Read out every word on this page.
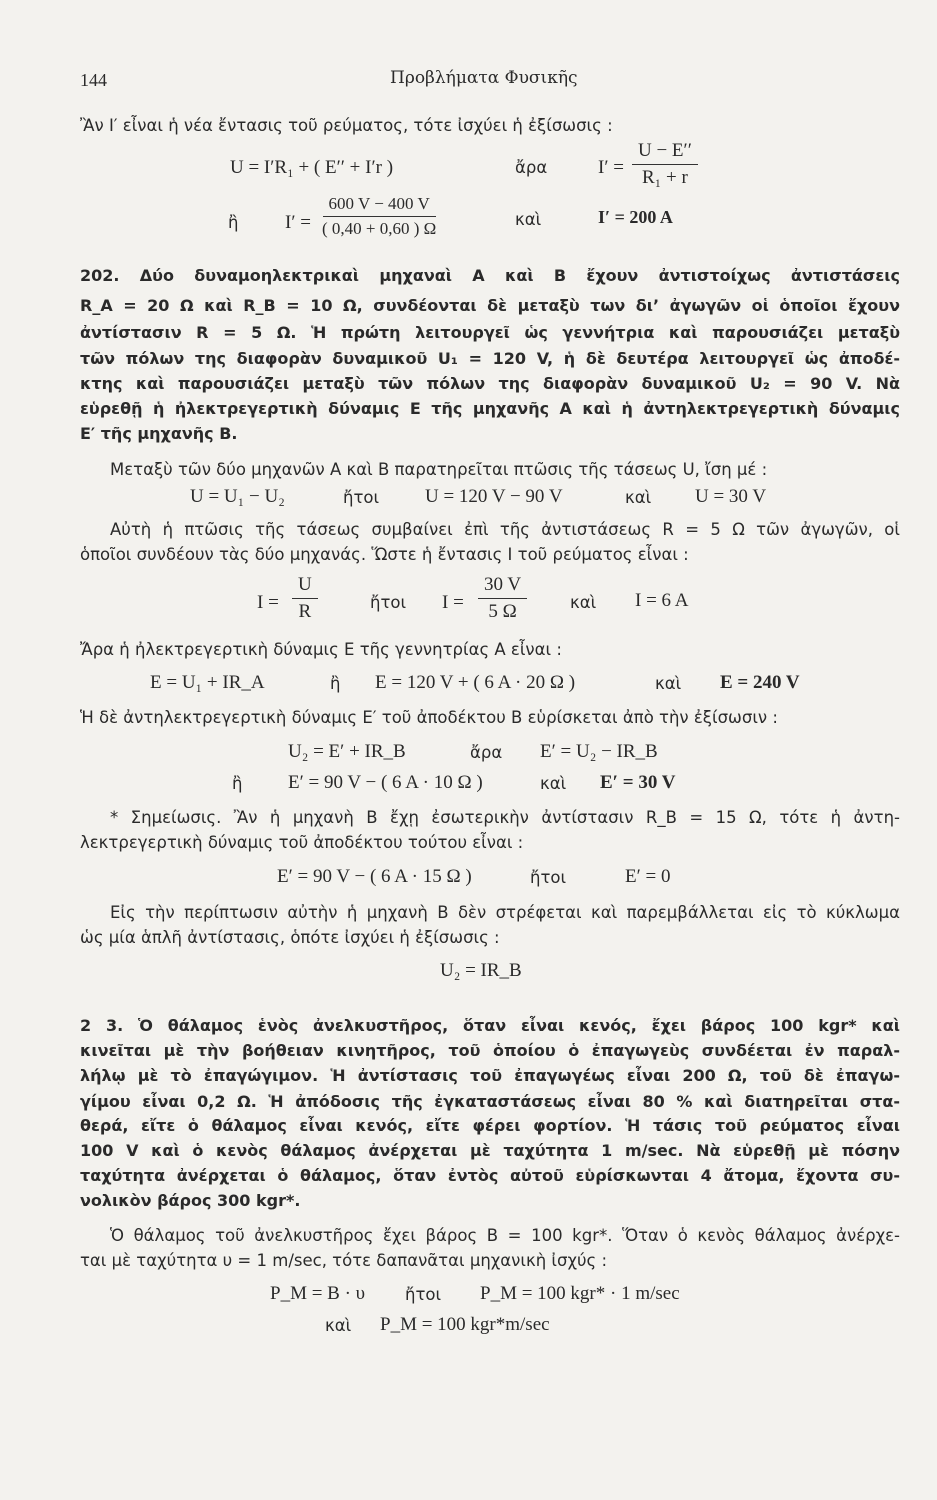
144	Προβλήματα Φυσικῆς
Ἂν I′ εἶναι ἡ νέα ἔντασις τοῦ ρεύματος, τότε ἰσχύει ἡ ἐξίσωσις :
U = I′R₁ + ( E′′ + I′r )	ἄρα	$I' = \frac{U - E''}{\text{R₁ + r}}$
ἢ $I' = \frac{600 V - 400 V}{( 0,40 + 0,60 ) \Omega}$	καὶ	I′ = 200 A
202. Δύο δυναμοηλεκτρικαὶ μηχαναὶ A καὶ B ἔχουν ἀντιστοίχως ἀντιστάσεις
R_A = 20 Ω καὶ R_B = 10 Ω, συνδέονται δὲ μεταξὺ των δι’ ἀγωγῶν οἱ ὁποῖοι ἔχουν
ἀντίστασιν R = 5 Ω. Ἡ πρώτη λειτουργεῖ ὡς γεννήτρια καὶ παρουσιάζει μεταξὺ
τῶν πόλων της διαφορὰν δυναμικοῦ U₁ = 120 V, ἡ δὲ δευτέρα λειτουργεῖ ὡς ἀποδέ-
κτης καὶ παρουσιάζει μεταξὺ τῶν πόλων της διαφορὰν δυναμικοῦ U₂ = 90 V. Νὰ
εὑρεθῇ ἡ ἠλεκτρεγερτικὴ δύναμις E τῆς μηχανῆς A καὶ ἡ ἀντηλεκτρεγερτικὴ δύναμις
E′ τῆς μηχανῆς B.
Μεταξὺ τῶν δύο μηχανῶν A καὶ B παρατηρεῖται πτῶσις τῆς τάσεως U, ἴση μέ :
U = U₁ − U₂	ἤτοι U = 120 V − 90 V	καὶ U = 30 V
Αὐτὴ ἡ πτῶσις τῆς τάσεως συμβαίνει ἐπὶ τῆς ἀντιστάσεως R = 5 Ω τῶν ἀγωγῶν, οἱ
ὁποῖοι συνδέουν τὰς δύο μηχανάς. Ὥστε ἡ ἔντασις I τοῦ ρεύματος εἶναι :
$I = \frac{U}{R}$	ἤτοι $I = \frac{30 V}{5 \Omega}$	καὶ I = 6 A
Ἄρα ἡ ἠλεκτρεγερτικὴ δύναμις E τῆς γεννητρίας A εἶναι :
E = U₁ + IR_A	ἢ E = 120 V + ( 6 A · 20 Ω )	καὶ E = 240 V
Ἡ δὲ ἀντηλεκτρεγερτικὴ δύναμις E′ τοῦ ἀποδέκτου B εὑρίσκεται ἀπὸ τὴν ἐξίσωσιν :
U₂ = E′ + IR_B	ἄρα E′ = U₂ − IR_B
ἢ E′ = 90 V − ( 6 A · 10 Ω )	καὶ E′ = 30 V
* Σημείωσις. Ἂν ἡ μηχανὴ B ἔχῃ ἐσωτερικὴν ἀντίστασιν R_B = 15 Ω, τότε ἡ ἀντη-
λεκτρεγερτικὴ δύναμις τοῦ ἀποδέκτου τούτου εἶναι :
E′ = 90 V − ( 6 A · 15 Ω )	ἤτοι	E′ = 0
Εἰς τὴν περίπτωσιν αὐτὴν ἡ μηχανὴ B δὲν στρέφεται καὶ παρεμβάλλεται εἰς τὸ κύκλωμα
ὡς μία ἁπλῆ ἀντίστασις, ὁπότε ἰσχύει ἡ ἐξίσωσις :
U₂ = IR_B
2 3. Ὁ θάλαμος ἑνὸς ἀνελκυστῆρος, ὅταν εἶναι κενός, ἔχει βάρος 100 kgr* καὶ
κινεῖται μὲ τὴν βοήθειαν κινητῆρος, τοῦ ὁποίου ὁ ἐπαγωγεὺς συνδέεται ἐν παραλ-
λήλῳ μὲ τὸ ἐπαγώγιμον. Ἡ ἀντίστασις τοῦ ἐπαγωγέως εἶναι 200 Ω, τοῦ δὲ ἐπαγω-
γίμου εἶναι 0,2 Ω. Ἡ ἀπόδοσις τῆς ἐγκαταστάσεως εἶναι 80 % καὶ διατηρεῖται στα-
θερά, εἴτε ὁ θάλαμος εἶναι κενός, εἴτε φέρει φορτίον. Ἡ τάσις τοῦ ρεύματος εἶναι
100 V καὶ ὁ κενὸς θάλαμος ἀνέρχεται μὲ ταχύτητα 1 m/sec. Νὰ εὑρεθῇ μὲ πόσην
ταχύτητα ἀνέρχεται ὁ θάλαμος, ὅταν ἐντὸς αὐτοῦ εὑρίσκωνται 4 ἄτομα, ἔχοντα συ-
νολικὸν βάρος 300 kgr*.
Ὁ θάλαμος τοῦ ἀνελκυστῆρος ἔχει βάρος B = 100 kgr*. Ὅταν ὁ κενὸς θάλαμος ἀνέρχε-
ται μὲ ταχύτητα υ = 1 m/sec, τότε δαπανᾶται μηχανικὴ ἰσχύς :
P_M = B · υ ἤτοι P_M = 100 kgr* · 1 m/sec
καὶ P_M = 100 kgr*m/sec
